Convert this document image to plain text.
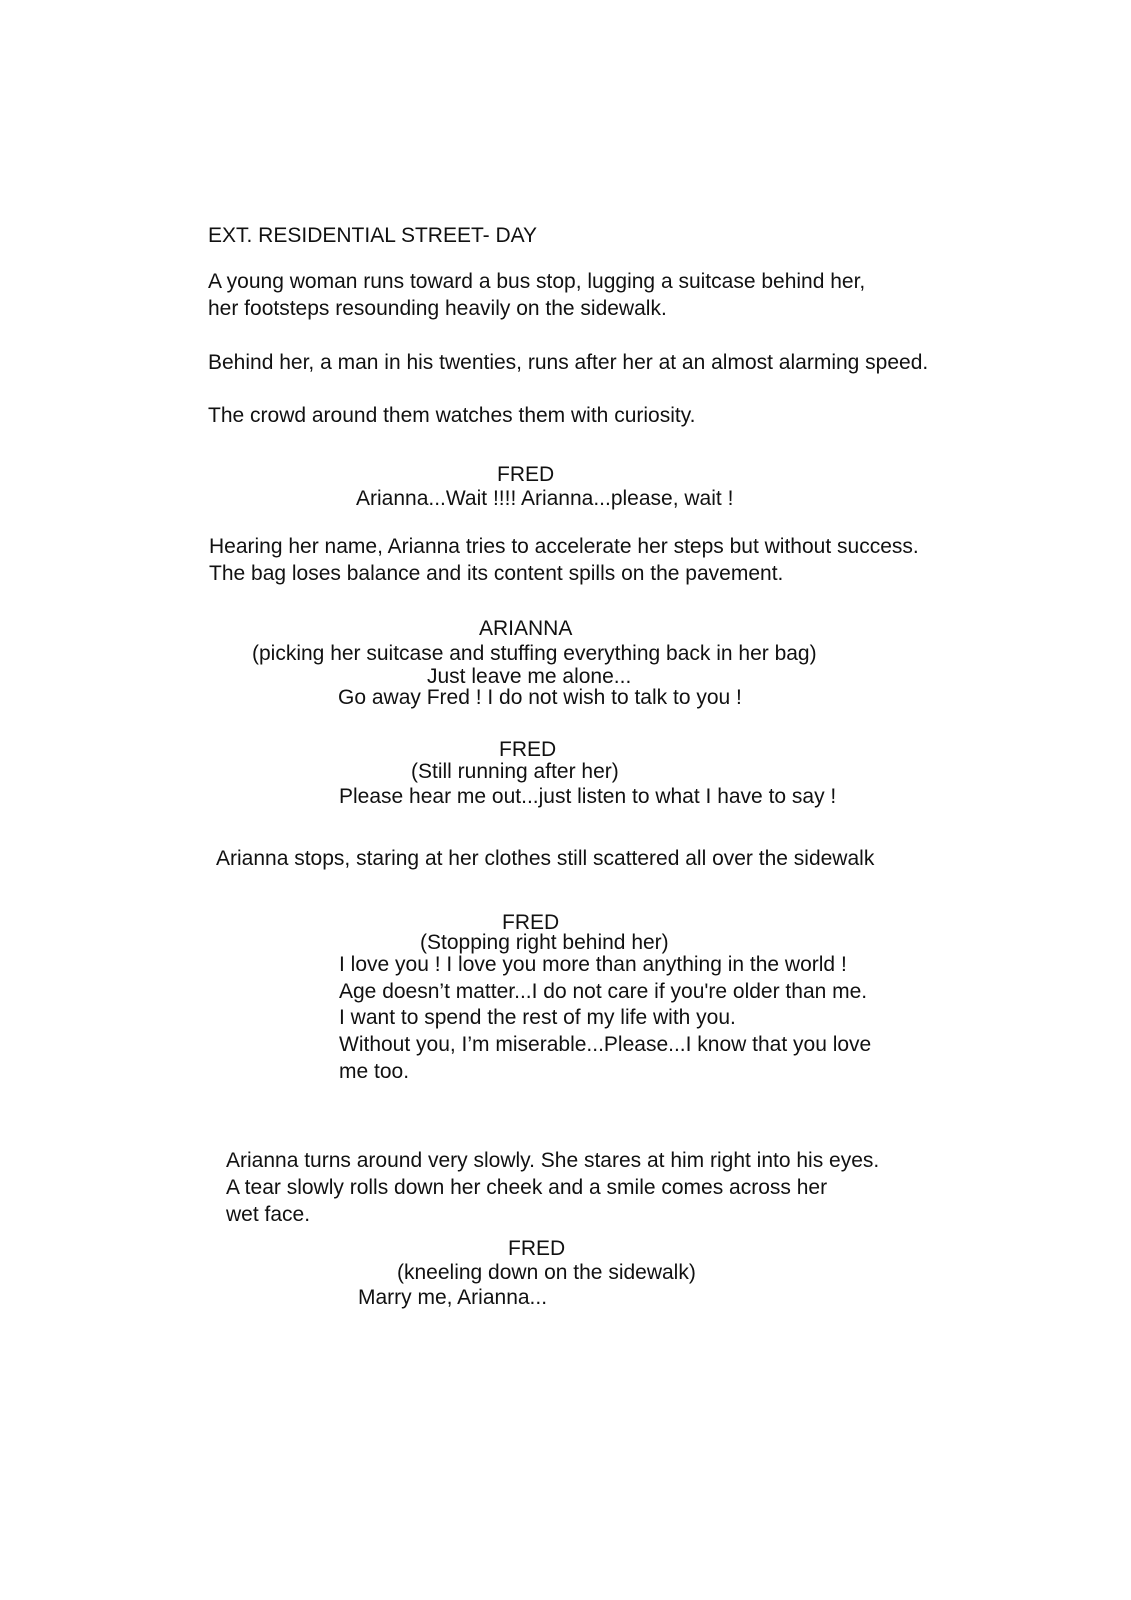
EXT. RESIDENTIAL STREET- DAY

A young woman runs toward a bus stop, lugging a suitcase behind her,

her footsteps resounding heavily on the sidewalk.

Behind her, a man in his twenties, runs after her at an almost alarming speed.

The crowd around them watches them with curiosity.

FRED

Arianna...Wait !!!! Arianna...please, wait !

Hearing her name, Arianna tries to accelerate her steps but without success.

The bag loses balance and its content spills on the pavement.

ARIANNA

(picking her suitcase and stuffing everything back in her bag)

Just leave me alone...

Go away Fred ! I do not wish to talk to you !

FRED

(Still running after her)

Please hear me out...just listen to what I have to say !

Arianna stops, staring at her clothes still scattered all over the sidewalk

FRED

(Stopping right behind her)

I love you ! I love you more than anything in the world !

Age doesn’t matter...I do not care if you're older than me.

I want to spend the rest of my life with you.

Without you, I’m miserable...Please...I know that you love

me too.

Arianna turns around very slowly. She stares at him right into his eyes.

A tear slowly rolls down her cheek and a smile comes across her

wet face.

FRED

(kneeling down on the sidewalk)

Marry me, Arianna...
